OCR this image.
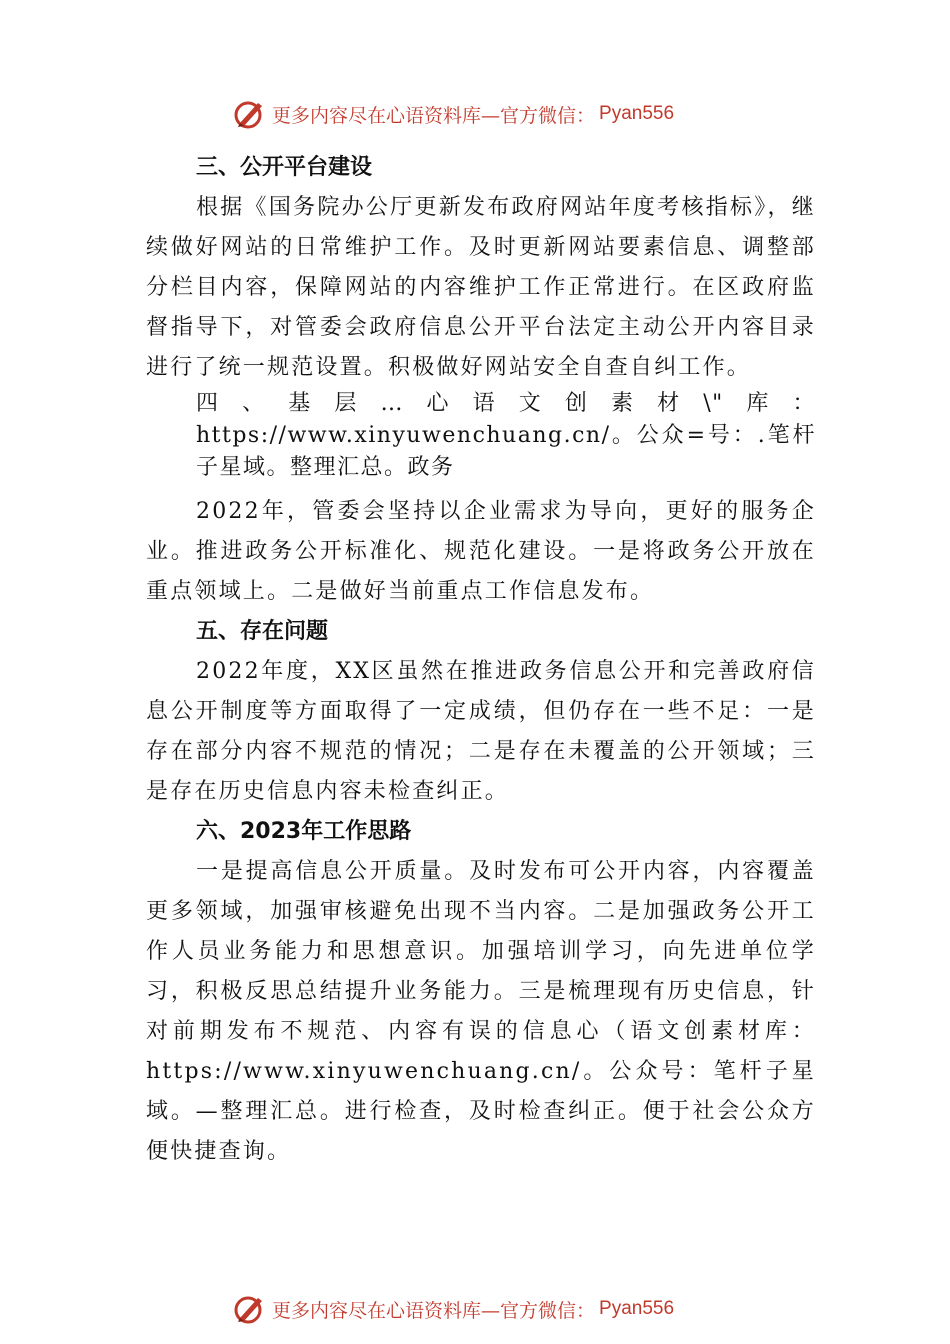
更多内容尽在心语资料库—官方微信： Pyan556
三、公开平台建设

根据《国务院办公厅更新发布政府网站年度考核指标》，继续做好网站的日常维护工作。及时更新网站要素信息、调整部分栏目内容，保障网站的内容维护工作正常进行。在区政府监督指导下，对管委会政府信息公开平台法定主动公开内容目录进行了统一规范设置。积极做好网站安全自查自纠工作。

四、基层…心语文创素材\"库：https://www.xinyuwenchuang.cn/。公众=号：.笔杆子星域。整理汇总。政务

2022年，管委会坚持以企业需求为导向，更好的服务企业。推进政务公开标准化、规范化建设。一是将政务公开放在重点领域上。二是做好当前重点工作信息发布。

五、存在问题

2022年度，XX区虽然在推进政务信息公开和完善政府信息公开制度等方面取得了一定成绩，但仍存在一些不足：一是存在部分内容不规范的情况；二是存在未覆盖的公开领域；三是存在历史信息内容未检查纠正。

六、2023年工作思路

一是提高信息公开质量。及时发布可公开内容，内容覆盖更多领域，加强审核避免出现不当内容。二是加强政务公开工作人员业务能力和思想意识。加强培训学习，向先进单位学习，积极反思总结提升业务能力。三是梳理现有历史信息，针对前期发布不规范、内容有误的信息心（语文创素材库：https://www.xinyuwenchuang.cn/。公众号：笔杆子星域。—整理汇总。进行检查，及时检查纠正。便于社会公众方便快捷查询。

更多内容尽在心语资料库—官方微信： Pyan556
